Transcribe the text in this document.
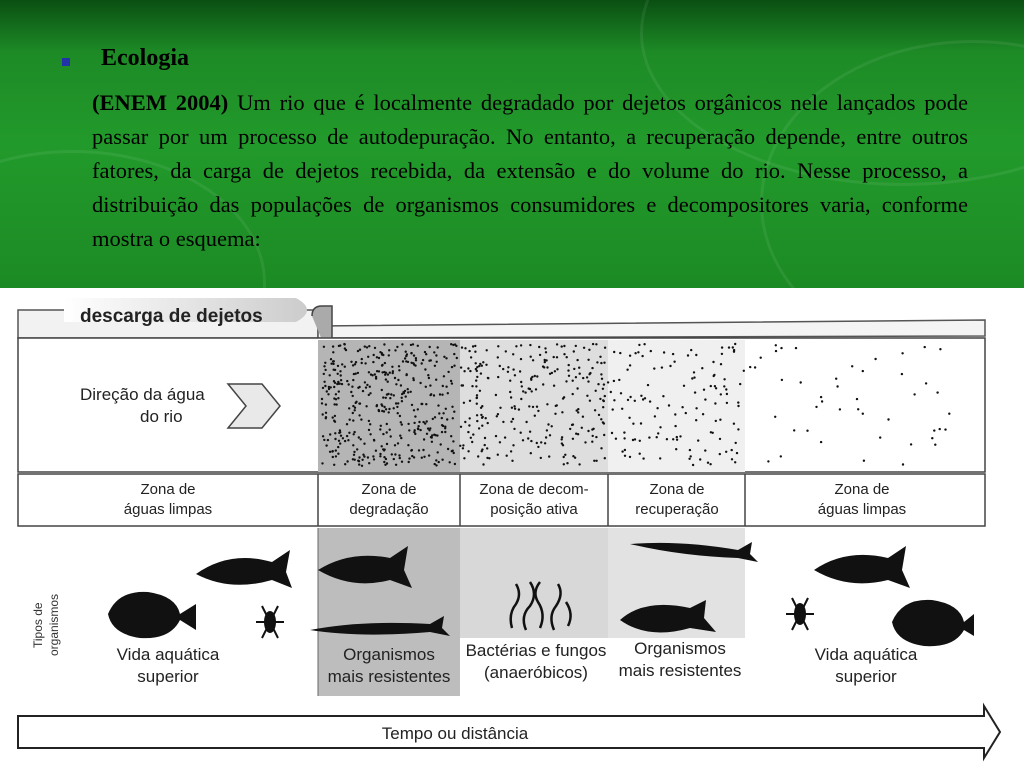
Ecologia
(ENEM 2004) Um rio que é localmente degradado por dejetos orgânicos nele lançados pode passar por um processo de autodepuração. No entanto, a recuperação depende, entre outros fatores, da carga de dejetos recebida, da extensão e do volume do rio. Nesse processo, a distribuição das populações de organismos consumidores e decompositores varia, conforme mostra o esquema:
descarga de dejetos
Direção da água
do rio
Zona de
águas limpas
Zona de
degradação
Zona de decom-
posição ativa
Zona de
recuperação
Zona de
águas limpas
Tipos de organismos	Vida aquática
superior
Organismos
mais resistentes
Bactérias e fungos
(anaeróbicos)
Organismos
mais resistentes
Vida aquática
superior
Tempo ou distância
